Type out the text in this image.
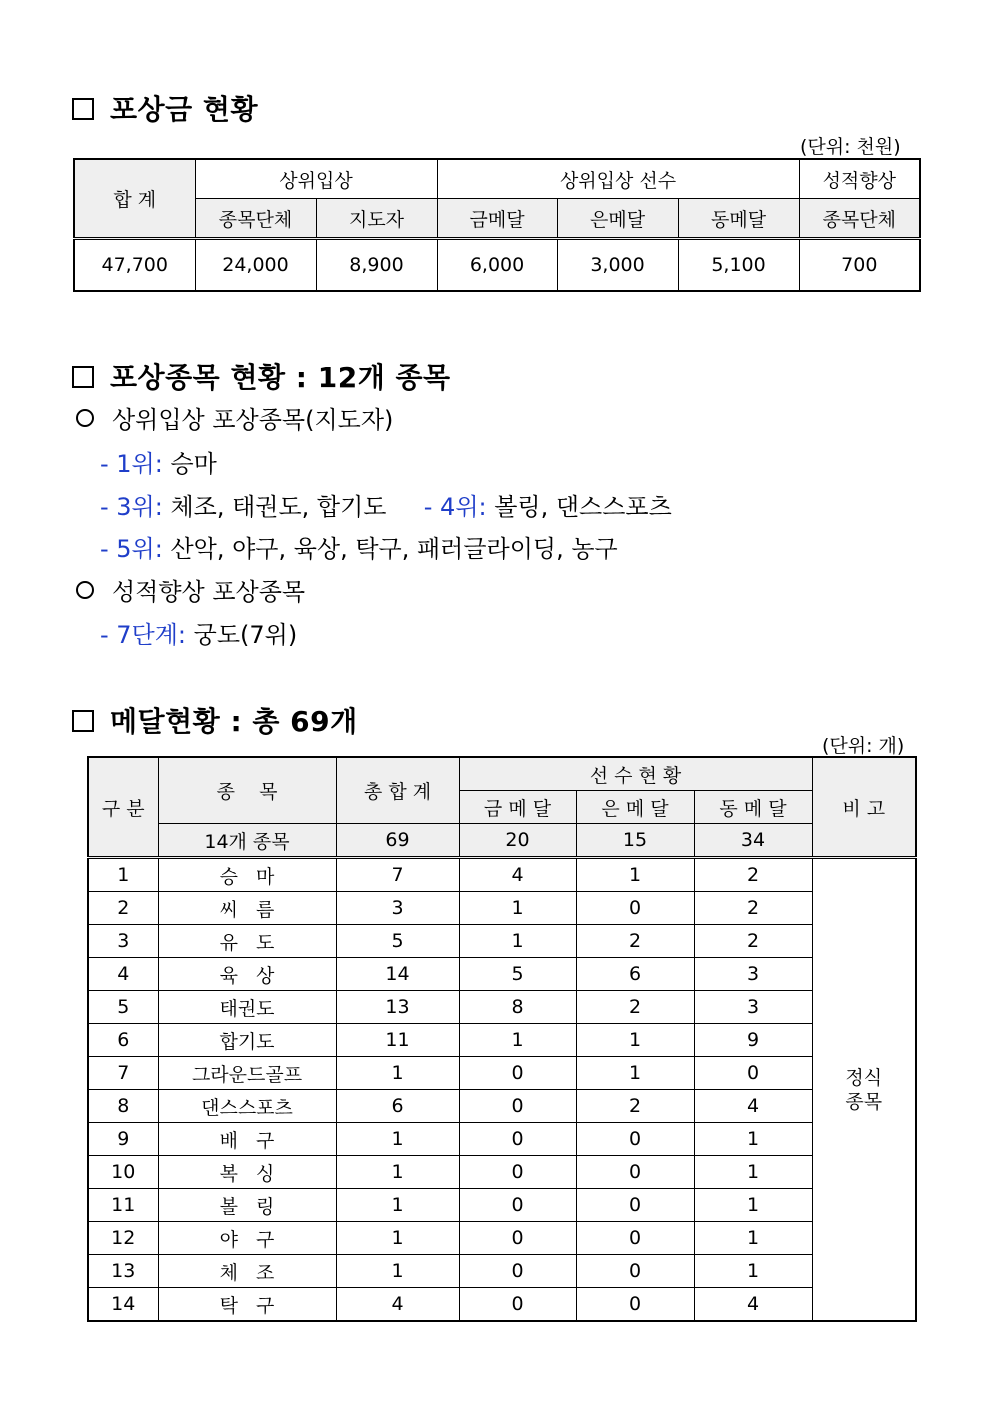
포상금 현황
(단위: 천원)
합 계	상위입상		상위입상 선수			성적향상
	종목단체	지도자	금메달	은메달	동메달	종목단체
47,700	24,000	8,900	6,000	3,000	5,100	700
포상종목 현황 : 12개 종목
상위입상 포상종목(지도자)
- 1위: 승마
- 3위: 체조, 태권도, 합기도 - 4위: 볼링, 댄스스포츠
- 5위: 산악, 야구, 육상, 탁구, 패러글라이딩, 농구
성적향상 포상종목
- 7단계: 궁도(7위)
메달현황 : 총 69개
(단위: 개)
구 분	종    목	총 합 계	선 수 현 황			비 고
			금 메 달	은 메 달	동 메 달	
	14개 종목	69	20	15	34	
1	승   마	7	4	1	2	정식
종목
2	씨   름	3	1	0	2	
3	유   도	5	1	2	2	
4	육   상	14	5	6	3	
5	태권도	13	8	2	3	
6	합기도	11	1	1	9	
7	그라운드골프	1	0	1	0	
8	댄스스포츠	6	0	2	4	
9	배   구	1	0	0	1	
10	복   싱	1	0	0	1	
11	볼   링	1	0	0	1	
12	야   구	1	0	0	1	
13	체   조	1	0	0	1	
14	탁   구	4	0	0	4	
